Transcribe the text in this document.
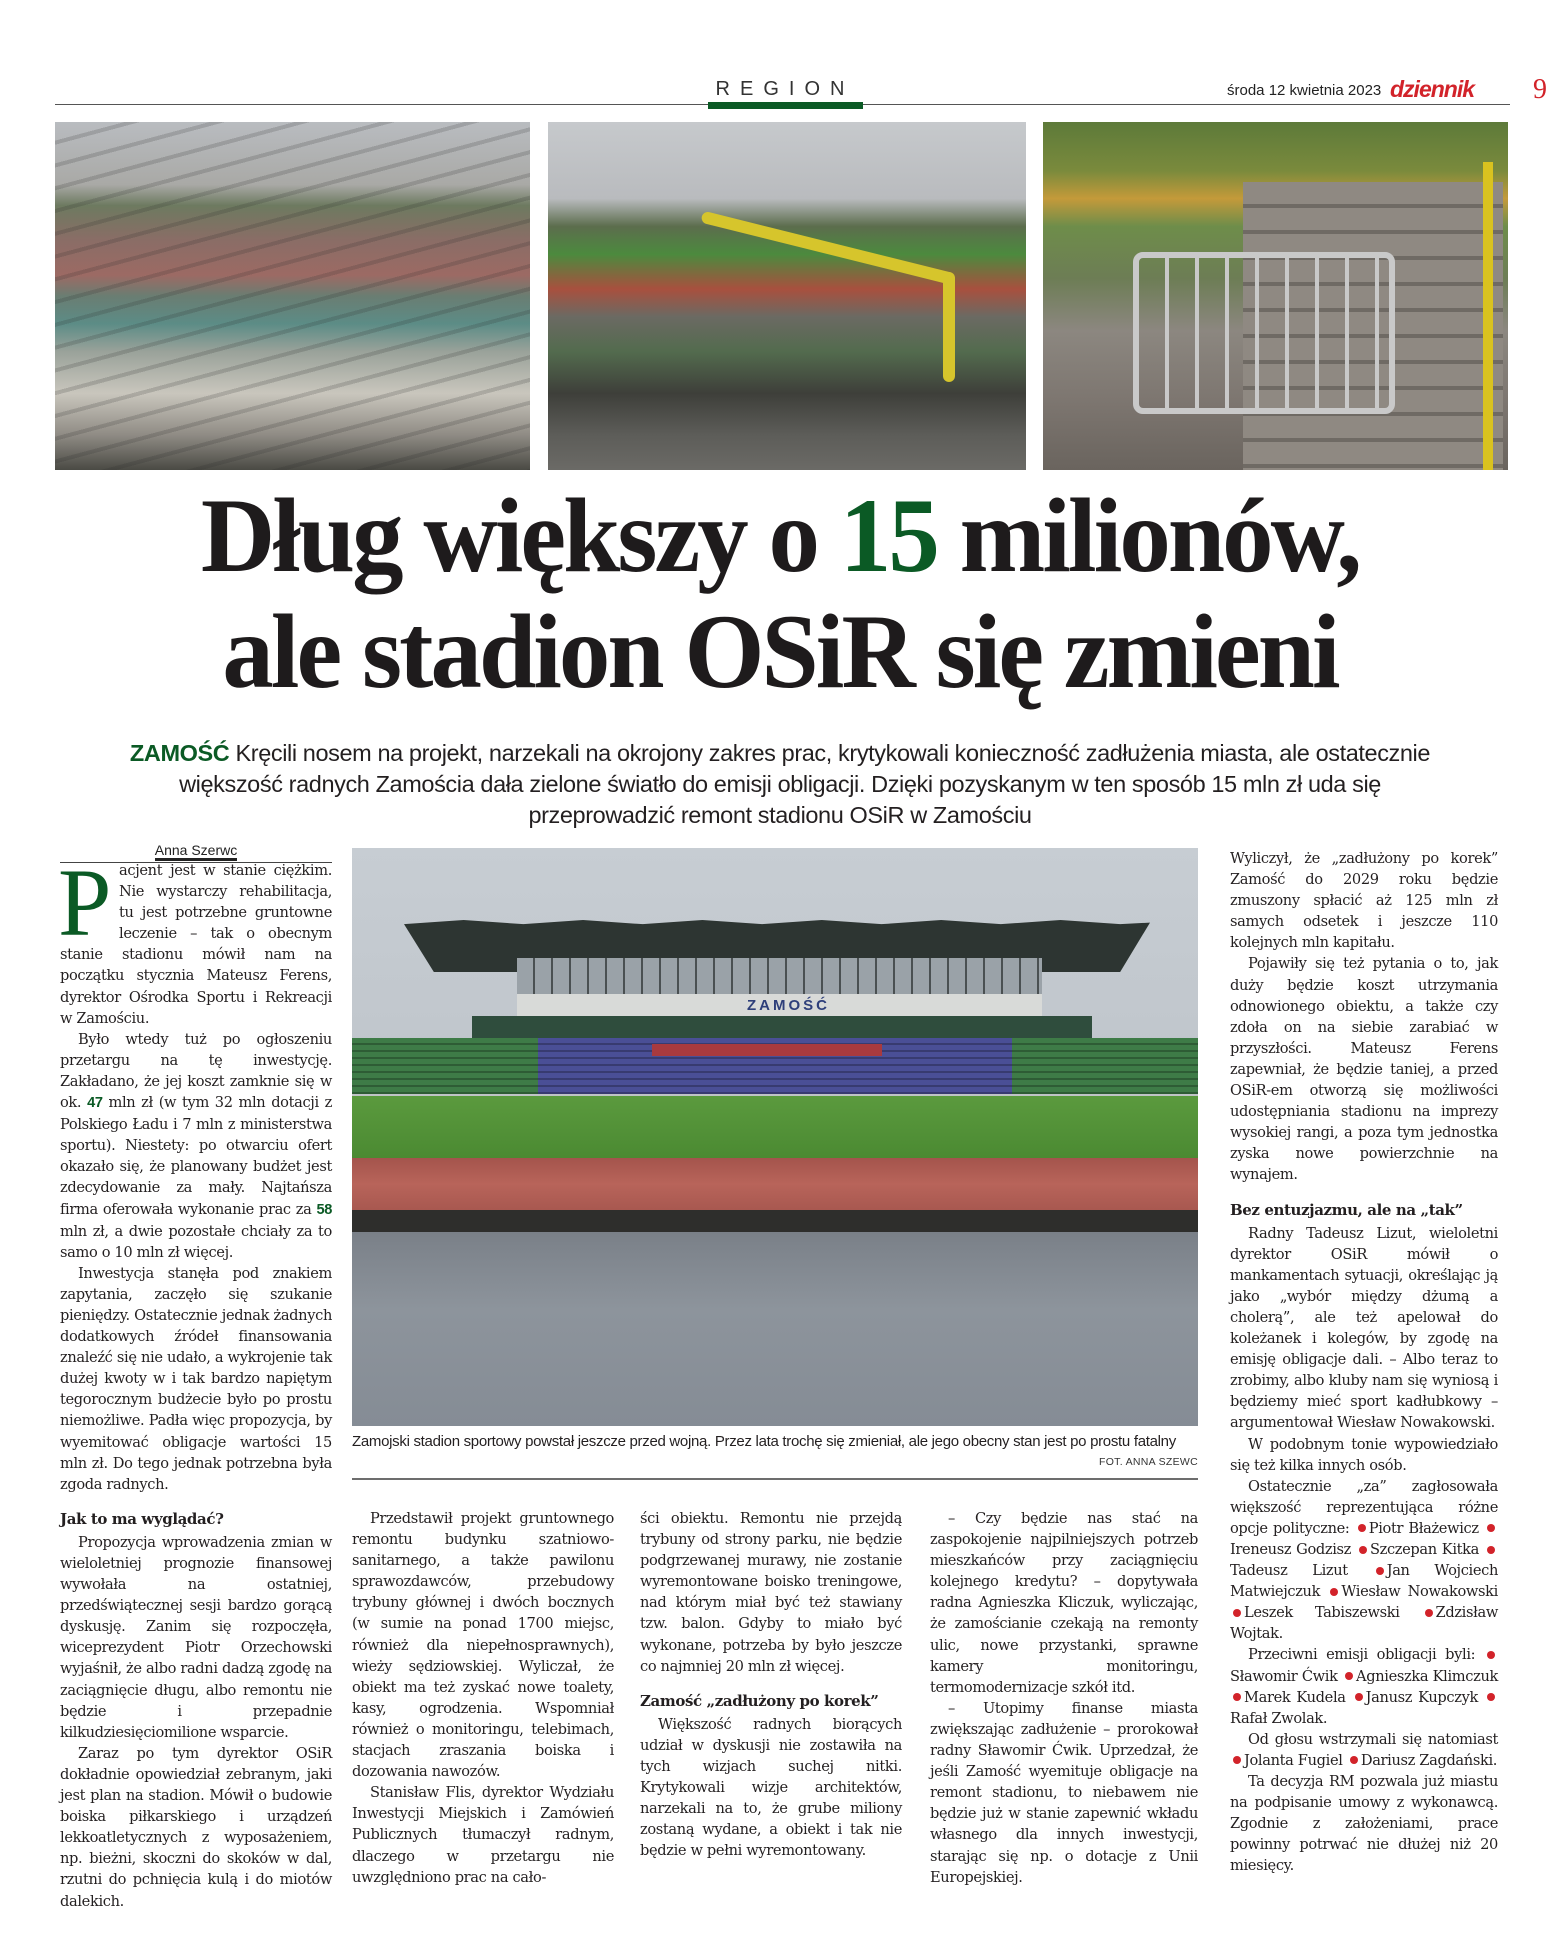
REGION	środa 12 kwietnia 2023 dziennik 9
Dług większy o 15 milionów,
ale stadion OSiR się zmieni
ZAMOŚĆ Kręcili nosem na projekt, narzekali na okrojony zakres prac, krytykowali konieczność zadłużenia miasta, ale ostatecznie większość radnych Zamościa dała zielone światło do emisji obligacji. Dzięki pozyskanym w ten sposób 15 mln zł uda się przeprowadzić remont stadionu OSiR w Zamościu
Anna Szerwc

Pacjent jest w stanie ciężkim. Nie wystarczy rehabilitacja, tu jest potrzebne gruntowne leczenie – tak o obecnym stanie stadionu mówił nam na początku stycznia Mateusz Ferens, dyrektor Ośrodka Sportu i Rekreacji w Zamościu.

Było wtedy tuż po ogłoszeniu przetargu na tę inwestycję. Zakładano, że jej koszt zamknie się w ok. 47 mln zł (w tym 32 mln dotacji z Polskiego Ładu i 7 mln z ministerstwa sportu). Niestety: po otwarciu ofert okazało się, że planowany budżet jest zdecydowanie za mały. Najtańsza firma oferowała wykonanie prac za 58 mln zł, a dwie pozostałe chciały za to samo o 10 mln zł więcej.

Inwestycja stanęła pod znakiem zapytania, zaczęło się szukanie pieniędzy. Ostatecznie jednak żadnych dodatkowych źródeł finansowania znaleźć się nie udało, a wykrojenie tak dużej kwoty w i tak bardzo napiętym tegorocznym budżecie było po prostu niemożliwe. Padła więc propozycja, by wyemitować obligacje wartości 15 mln zł. Do tego jednak potrzebna była zgoda radnych.

Jak to ma wyglądać?

Propozycja wprowadzenia zmian w wieloletniej prognozie finansowej wywołała na ostatniej, przedświątecznej sesji bardzo gorącą dyskusję. Zanim się rozpoczęła, wiceprezydent Piotr Orzechowski wyjaśnił, że albo radni dadzą zgodę na zaciągnięcie długu, albo remontu nie będzie i przepadnie kilkudziesięciomilione wsparcie.

Zaraz po tym dyrektor OSiR dokładnie opowiedział zebranym, jaki jest plan na stadion. Mówił o budowie boiska piłkarskiego i urządzeń lekkoatletycznych z wyposażeniem, np. bieżni, skoczni do skoków w dal, rzutni do pchnięcia kulą i do miotów dalekich.

ZAMOŚĆ
Zamojski stadion sportowy powstał jeszcze przed wojną. Przez lata trochę się zmieniał, ale jego obecny stan jest po prostu fatalny
FOT. ANNA SZEWC

Przedstawił projekt gruntownego remontu budynku szatniowo-sanitarnego, a także pawilonu sprawozdawców, przebudowy trybuny głównej i dwóch bocznych (w sumie na ponad 1700 miejsc, również dla niepełnosprawnych), wieży sędziowskiej. Wyliczał, że obiekt ma też zyskać nowe toalety, kasy, ogrodzenia. Wspomniał również o monitoringu, telebimach, stacjach zraszania boiska i dozowania nawozów.

Stanisław Flis, dyrektor Wydziału Inwestycji Miejskich i Zamówień Publicznych tłumaczył radnym, dlaczego w przetargu nie uwzględniono prac na cało-

ści obiektu. Remontu nie przejdą trybuny od strony parku, nie będzie podgrzewanej murawy, nie zostanie wyremontowane boisko treningowe, nad którym miał być też stawiany tzw. balon. Gdyby to miało być wykonane, potrzeba by było jeszcze co najmniej 20 mln zł więcej.

Zamość „zadłużony po korek”

Większość radnych biorących udział w dyskusji nie zostawiła na tych wizjach suchej nitki. Krytykowali wizje architektów, narzekali na to, że grube miliony zostaną wydane, a obiekt i tak nie będzie w pełni wyremontowany.

– Czy będzie nas stać na zaspokojenie najpilniejszych potrzeb mieszkańców przy zaciągnięciu kolejnego kredytu? – dopytywała radna Agnieszka Kliczuk, wyliczając, że zamościanie czekają na remonty ulic, nowe przystanki, sprawne kamery monitoringu, termomodernizacje szkół itd.

– Utopimy finanse miasta zwiększając zadłużenie – prorokował radny Sławomir Ćwik. Uprzedzał, że jeśli Zamość wyemituje obligacje na remont stadionu, to niebawem nie będzie już w stanie zapewnić wkładu własnego dla innych inwestycji, starając się np. o dotacje z Unii Europejskiej.

Wyliczył, że „zadłużony po korek” Zamość do 2029 roku będzie zmuszony spłacić aż 125 mln zł samych odsetek i jeszcze 110 kolejnych mln kapitału.

Pojawiły się też pytania o to, jak duży będzie koszt utrzymania odnowionego obiektu, a także czy zdoła on na siebie zarabiać w przyszłości. Mateusz Ferens zapewniał, że będzie taniej, a przed OSiR-em otworzą się możliwości udostępniania stadionu na imprezy wysokiej rangi, a poza tym jednostka zyska nowe powierzchnie na wynajem.

Bez entuzjazmu, ale na „tak”

Radny Tadeusz Lizut, wieloletni dyrektor OSiR mówił o mankamentach sytuacji, określając ją jako „wybór między dżumą a cholerą”, ale też apelował do koleżanek i kolegów, by zgodę na emisję obligacje dali. – Albo teraz to zrobimy, albo kluby nam się wyniosą i będziemy mieć sport kadłubkowy – argumentował Wiesław Nowakowski.

W podobnym tonie wypowiedziało się też kilka innych osób.

Ostatecznie „za” zagłosowała większość reprezentująca różne opcje polityczne: Piotr Błażewicz Ireneusz Godzisz Szczepan Kitka Tadeusz Lizut	Jan Wojciech Matwiejczuk Wiesław Nowakowski Leszek Tabiszewski Zdzisław Wojtak.

Przeciwni emisji obligacji byli: Sławomir Ćwik Agnieszka Klimczuk Marek Kudela Janusz Kupczyk Rafał Zwolak.

Od głosu wstrzymali się natomiast Jolanta Fugiel Dariusz Zagdański.

Ta decyzja RM pozwala już miastu na podpisanie umowy z wykonawcą. Zgodnie z założeniami, prace powinny potrwać nie dłużej niż 20 miesięcy.
